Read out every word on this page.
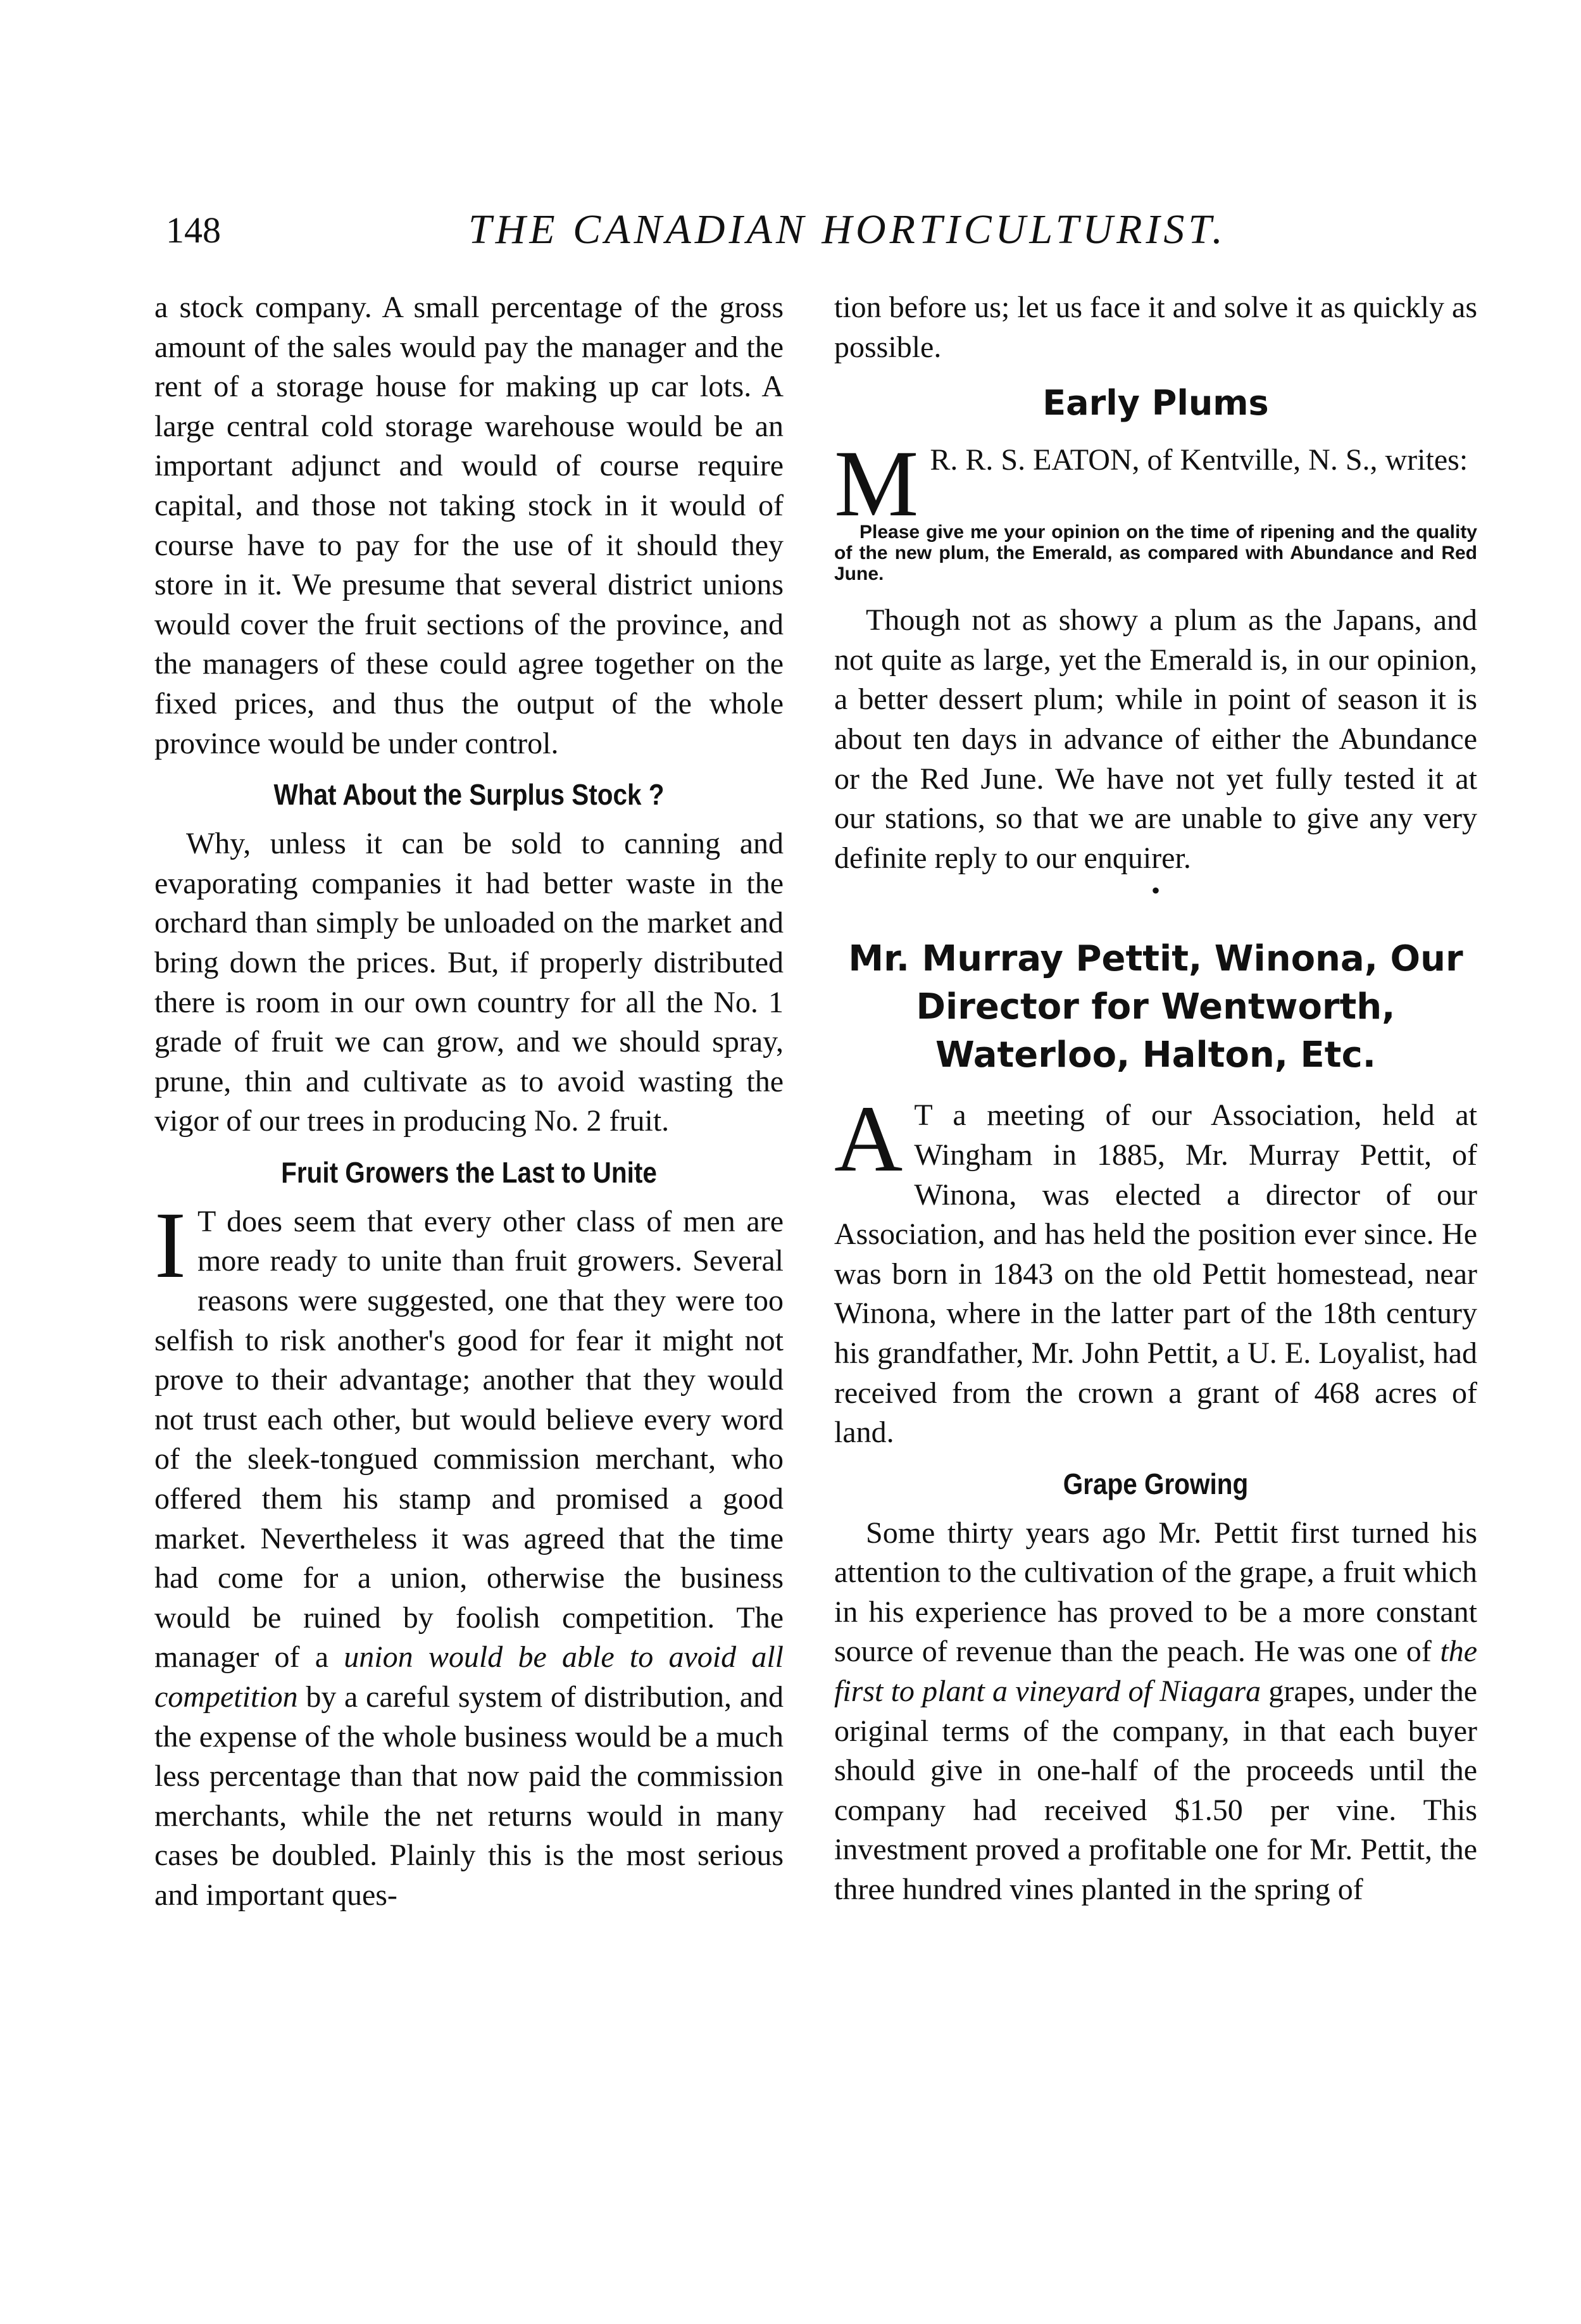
148	THE CANADIAN HORTICULTURIST.

a stock company. A small percentage of the gross amount of the sales would pay the manager and the rent of a storage house for making up car lots. A large central cold storage warehouse would be an important adjunct and would of course require capital, and those not taking stock in it would of course have to pay for the use of it should they store in it. We presume that several district unions would cover the fruit sections of the province, and the managers of these could agree together on the fixed prices, and thus the output of the whole province would be under control.

What About the Surplus Stock ?

Why, unless it can be sold to canning and evaporating companies it had better waste in the orchard than simply be unloaded on the market and bring down the prices. But, if properly distributed there is room in our own country for all the No. 1 grade of fruit we can grow, and we should spray, prune, thin and cultivate as to avoid wasting the vigor of our trees in producing No. 2 fruit.

Fruit Growers the Last to Unite

I T does seem that every other class of men are more ready to unite than fruit growers. Several reasons were suggested, one that they were too selfish to risk another's good for fear it might not prove to their advantage; another that they would not trust each other, but would believe every word of the sleek-tongued commission merchant, who offered them his stamp and promised a good market. Nevertheless it was agreed that the time had come for a union, otherwise the business would be ruined by foolish competition. The manager of a union would be able to avoid all competition by a careful system of distribution, and the expense of the whole business would be a much less percentage than that now paid the commission merchants, while the net returns would in many cases be doubled. Plainly this is the most serious and important ques-

tion before us; let us face it and solve it as quickly as possible.

Early Plums

M R. R. S. EATON, of Kentville, N. S., writes:

Please give me your opinion on the time of ripening and the quality of the new plum, the Emerald, as compared with Abundance and Red June.

Though not as showy a plum as the Japans, and not quite as large, yet the Emerald is, in our opinion, a better dessert plum; while in point of season it is about ten days in advance of either the Abundance or the Red June. We have not yet fully tested it at our stations, so that we are unable to give any very definite reply to our enquirer.

•
Mr. Murray Pettit, Winona, Our Director for Wentworth, Waterloo, Halton, Etc.

A T a meeting of our Association, held at Wingham in 1885, Mr. Murray Pettit, of Winona, was elected a director of our Association, and has held the position ever since. He was born in 1843 on the old Pettit homestead, near Winona, where in the latter part of the 18th century his grandfather, Mr. John Pettit, a U. E. Loyalist, had received from the crown a grant of 468 acres of land.

Grape Growing

Some thirty years ago Mr. Pettit first turned his attention to the cultivation of the grape, a fruit which in his experience has proved to be a more constant source of revenue than the peach. He was one of the first to plant a vineyard of Niagara grapes, under the original terms of the company, in that each buyer should give in one-half of the proceeds until the company had received $1.50 per vine. This investment proved a profitable one for Mr. Pettit, the three hundred vines planted in the spring of
